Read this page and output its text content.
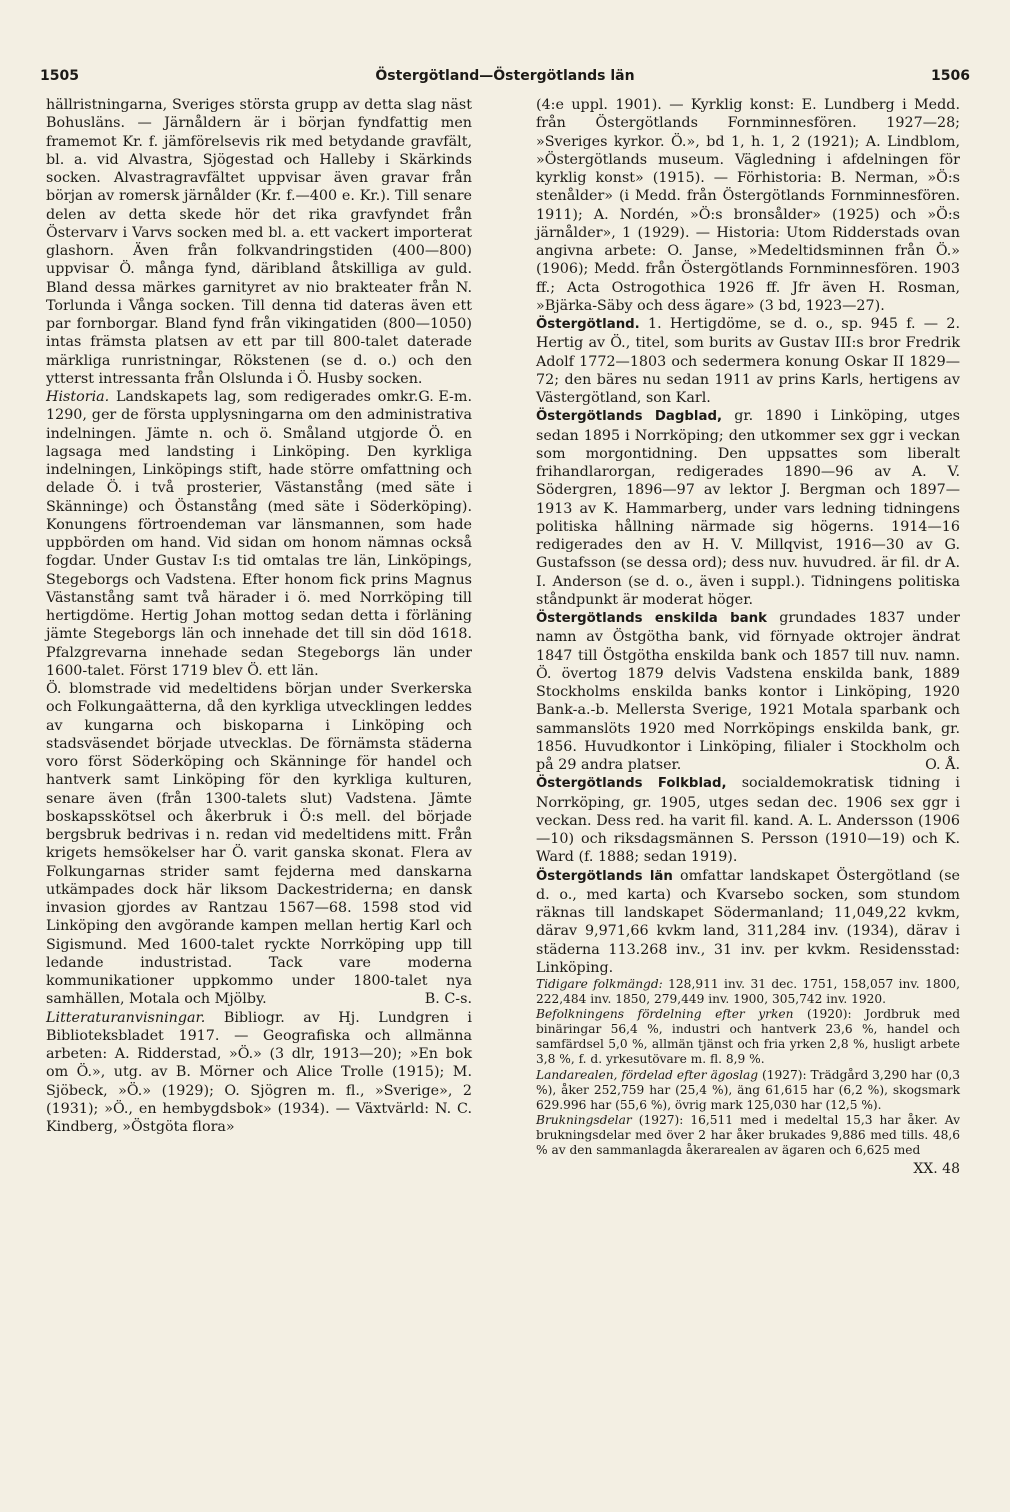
1505	Östergötland—Östergötlands län	1506

hällristningarna, Sveriges största grupp av detta slag näst Bohusläns. — Järnåldern är i början fyndfattig men framemot Kr. f. jämförelsevis rik med betydande gravfält, bl. a. vid Alvastra, Sjögestad och Halleby i Skärkinds socken. Alvastragravfältet uppvisar även gravar från början av romersk järnålder (Kr. f.—400 e. Kr.). Till senare delen av detta skede hör det rika gravfyndet från Östervarv i Varvs socken med bl. a. ett vackert importerat glashorn. Även från folkvandringstiden (400—800) uppvisar Ö. många fynd, däribland åtskilliga av guld. Bland dessa märkes garnityret av nio brakteater från N. Torlunda i Vånga socken. Till denna tid dateras även ett par fornborgar. Bland fynd från vikingatiden (800—1050) intas främsta platsen av ett par till 800-talet daterade märkliga runristningar, Rökstenen (se d. o.) och den ytterst intressanta från Olslunda i Ö. Husby socken.
G. E-m.

Historia. Landskapets lag, som redigerades omkr. 1290, ger de första upplysningarna om den administrativa indelningen. Jämte n. och ö. Småland utgjorde Ö. en lagsaga med landsting i Linköping. Den kyrkliga indelningen, Linköpings stift, hade större omfattning och delade Ö. i två prosterier, Västanstång (med säte i Skänninge) och Östanstång (med säte i Söderköping). Konungens förtroendeman var länsmannen, som hade uppbörden om hand. Vid sidan om honom nämnas också fogdar. Under Gustav I:s tid omtalas tre län, Linköpings, Stegeborgs och Vadstena. Efter honom fick prins Magnus Västanstång samt två härader i ö. med Norrköping till hertigdöme. Hertig Johan mottog sedan detta i förläning jämte Stegeborgs län och innehade det till sin död 1618. Pfalzgrevarna innehade sedan Stegeborgs län under 1600-talet. Först 1719 blev Ö. ett län.

Ö. blomstrade vid medeltidens början under Sverkerska och Folkungaätterna, då den kyrkliga utvecklingen leddes av kungarna och biskoparna i Linköping och stadsväsendet började utvecklas. De förnämsta städerna voro först Söderköping och Skänninge för handel och hantverk samt Linköping för den kyrkliga kulturen, senare även (från 1300-talets slut) Vadstena. Jämte boskapsskötsel och åkerbruk i Ö:s mell. del började bergsbruk bedrivas i n. redan vid medeltidens mitt. Från krigets hemsökelser har Ö. varit ganska skonat. Flera av Folkungarnas strider samt fejderna med danskarna utkämpades dock här liksom Dackestriderna; en dansk invasion gjordes av Rantzau 1567—68. 1598 stod vid Linköping den avgörande kampen mellan hertig Karl och Sigismund. Med 1600-talet ryckte Norrköping upp till ledande industristad. Tack vare moderna kommunikationer uppkommo under 1800-talet nya samhällen, Motala och Mjölby.	B. C-s.

Litteraturanvisningar. Bibliogr. av Hj. Lundgren i Biblioteksbladet 1917. — Geografiska och allmänna arbeten: A. Ridderstad, »Ö.» (3 dlr, 1913—20); »En bok om Ö.», utg. av B. Mörner och Alice Trolle (1915); M. Sjöbeck, »Ö.» (1929); O. Sjögren m. fl., »Sverige», 2 (1931); »Ö., en hembygdsbok» (1934). — Växtvärld: N. C. Kindberg, »Östgöta flora»

(4:e uppl. 1901). — Kyrklig konst: E. Lundberg i Medd. från Östergötlands Fornminnesfören. 1927—28; »Sveriges kyrkor. Ö.», bd 1, h. 1, 2 (1921); A. Lindblom, »Östergötlands museum. Vägledning i afdelningen för kyrklig konst» (1915). — Förhistoria: B. Nerman, »Ö:s stenålder» (i Medd. från Östergötlands Fornminnesfören. 1911); A. Nordén, »Ö:s bronsålder» (1925) och »Ö:s järnålder», 1 (1929). — Historia: Utom Ridderstads ovan angivna arbete: O. Janse, »Medeltidsminnen från Ö.» (1906); Medd. från Östergötlands Fornminnesfören. 1903 ff.; Acta Ostrogothica 1926 ff. Jfr även H. Rosman, »Bjärka-Säby och dess ägare» (3 bd, 1923—27).

Östergötland. 1. Hertigdöme, se d. o., sp. 945 f. — 2. Hertig av Ö., titel, som burits av Gustav III:s bror Fredrik Adolf 1772—1803 och sedermera konung Oskar II 1829—72; den bäres nu sedan 1911 av prins Karls, hertigens av Västergötland, son Karl.

Östergötlands Dagblad, gr. 1890 i Linköping, utges sedan 1895 i Norrköping; den utkommer sex ggr i veckan som morgontidning. Den uppsattes som liberalt frihandlarorgan, redigerades 1890—96 av A. V. Södergren, 1896—97 av lektor J. Bergman och 1897—1913 av K. Hammarberg, under vars ledning tidningens politiska hållning närmade sig högerns. 1914—16 redigerades den av H. V. Millqvist, 1916—30 av G. Gustafsson (se dessa ord); dess nuv. huvudred. är fil. dr A. I. Anderson (se d. o., även i suppl.). Tidningens politiska ståndpunkt är moderat höger.

Östergötlands enskilda bank grundades 1837 under namn av Östgötha bank, vid förnyade oktrojer ändrat 1847 till Östgötha enskilda bank och 1857 till nuv. namn. Ö. övertog 1879 delvis Vadstena enskilda bank, 1889 Stockholms enskilda banks kontor i Linköping, 1920 Bank-a.-b. Mellersta Sverige, 1921 Motala sparbank och sammanslöts 1920 med Norrköpings enskilda bank, gr. 1856. Huvudkontor i Linköping, filialer i Stockholm och på 29 andra platser.	O. Å.

Östergötlands Folkblad, socialdemokratisk tidning i Norrköping, gr. 1905, utges sedan dec. 1906 sex ggr i veckan. Dess red. ha varit fil. kand. A. L. Andersson (1906—10) och riksdagsmännen S. Persson (1910—19) och K. Ward (f. 1888; sedan 1919).

Östergötlands län omfattar landskapet Östergötland (se d. o., med karta) och Kvarsebo socken, som stundom räknas till landskapet Södermanland; 11,049,22 kvkm, därav 9,971,66 kvkm land, 311,284 inv. (1934), därav i städerna 113.268 inv., 31 inv. per kvkm. Residensstad: Linköping.

Tidigare folkmängd: 128,911 inv. 31 dec. 1751, 158,057 inv. 1800, 222,484 inv. 1850, 279,449 inv. 1900, 305,742 inv. 1920.

Befolkningens fördelning efter yrken (1920): Jordbruk med binäringar 56,4 %, industri och hantverk 23,6 %, handel och samfärdsel 5,0 %, allmän tjänst och fria yrken 2,8 %, husligt arbete 3,8 %, f. d. yrkesutövare m. fl. 8,9 %.

Landarealen, fördelad efter ägoslag (1927): Trädgård 3,290 har (0,3 %), åker 252,759 har (25,4 %), äng 61,615 har (6,2 %), skogsmark 629.996 har (55,6 %), övrig mark 125,030 har (12,5 %).

Brukningsdelar (1927): 16,511 med i medeltal 15,3 har åker. Av brukningsdelar med över 2 har åker brukades 9,886 med tills. 48,6 % av den sammanlagda åkerarealen av ägaren och 6,625 med

XX. 48
